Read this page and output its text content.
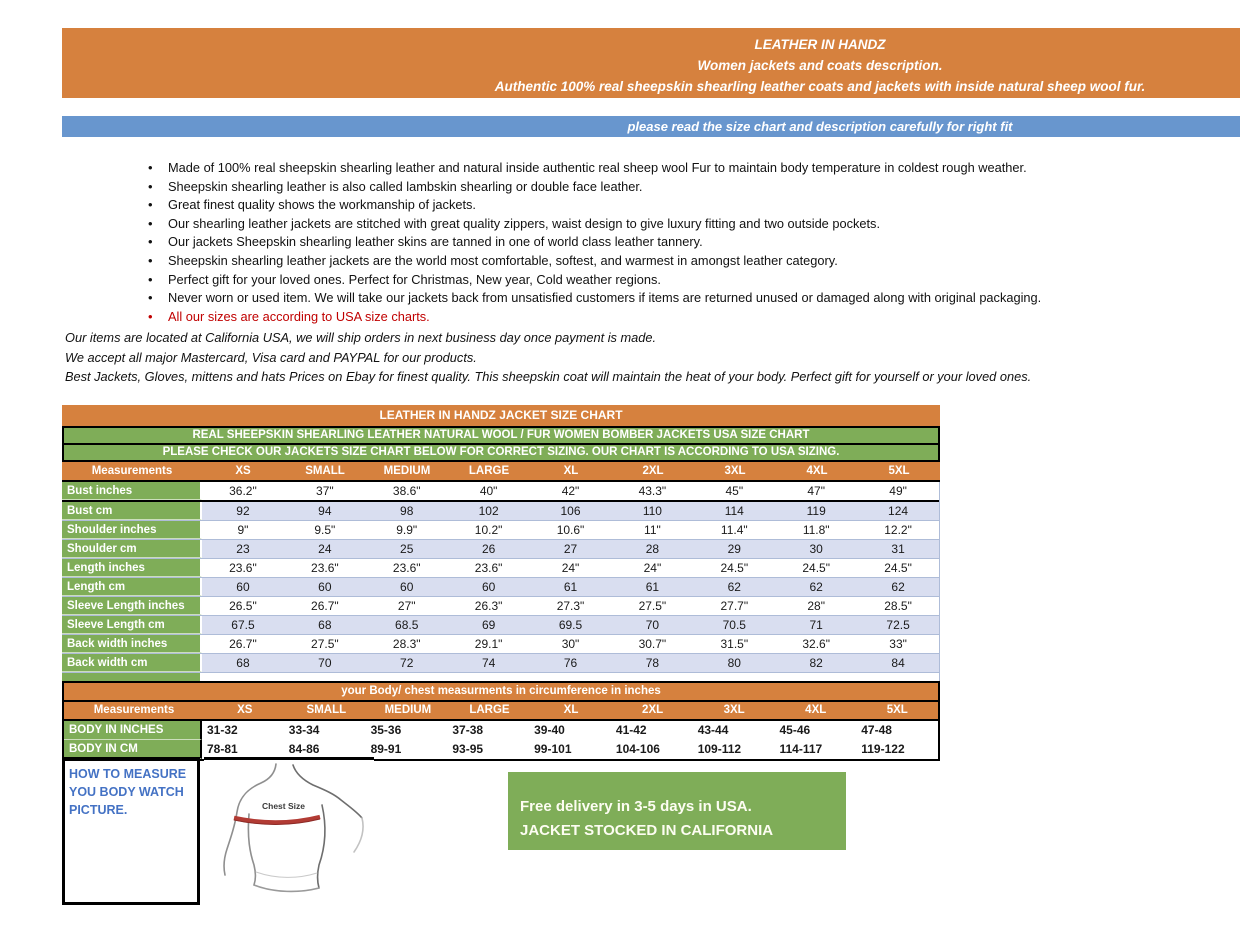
LEATHER IN HANDZ
Women jackets and coats description.
Authentic 100% real sheepskin shearling leather coats and jackets with inside natural sheep wool fur.
please read the size chart and description carefully for right fit
•
Made of 100% real sheepskin shearling leather and natural inside authentic real sheep wool Fur to maintain body temperature in coldest rough weather.
•
Sheepskin shearling leather is also called lambskin shearling or double face leather.
•
Great finest quality shows the workmanship of jackets.
•
Our shearling leather jackets are stitched with great quality zippers, waist design to give luxury fitting and two outside pockets.
•
Our jackets Sheepskin shearling leather skins are tanned in one of world class leather tannery.
•
Sheepskin shearling leather jackets are the world most comfortable, softest, and warmest in amongst leather category.
•
Perfect gift for your loved ones. Perfect for Christmas, New year, Cold weather regions.
•
Never worn or used item. We will take our jackets back from unsatisfied customers if items are returned unused or damaged along with original packaging.
•
All our sizes are according to USA size charts.
Our items are located at California USA, we will ship orders in next business day once payment is made.
We accept all major Mastercard, Visa card and PAYPAL for our products.
Best Jackets, Gloves, mittens and hats Prices on Ebay for finest quality. This sheepskin coat will maintain the heat of your body. Perfect gift for yourself or your loved ones.
LEATHER IN HANDZ JACKET SIZE CHART
REAL SHEEPSKIN SHEARLING LEATHER NATURAL WOOL / FUR WOMEN BOMBER JACKETS USA SIZE CHART
PLEASE CHECK OUR JACKETS SIZE CHART BELOW FOR CORRECT SIZING. OUR CHART IS ACCORDING TO USA SIZING.
Measurements	XS	SMALL	MEDIUM	LARGE	XL	2XL	3XL	4XL	5XL
Bust inches	36.2"	37"	38.6"	40"	42"	43.3"	45"	47"	49"
Bust cm	92	94	98	102	106	110	114	119	124
Shoulder inches	9"	9.5"	9.9"	10.2"	10.6"	11"	11.4"	11.8"	12.2"
Shoulder cm	23	24	25	26	27	28	29	30	31
Length inches	23.6"	23.6"	23.6"	23.6"	24"	24"	24.5"	24.5"	24.5"
Length cm	60	60	60	60	61	61	62	62	62
Sleeve Length inches	26.5"	26.7"	27"	26.3"	27.3"	27.5"	27.7"	28"	28.5"
Sleeve Length cm	67.5	68	68.5	69	69.5	70	70.5	71	72.5
Back width inches	26.7"	27.5"	28.3"	29.1"	30"	30.7"	31.5"	32.6"	33"
Back width cm	68	70	72	74	76	78	80	82	84
your Body/ chest measurments in circumference in inches
Measurements	XS	SMALL	MEDIUM	LARGE	XL	2XL	3XL	4XL	5XL
BODY IN INCHES	31-32	33-34	35-36	37-38	39-40	41-42	43-44	45-46	47-48
BODY IN CM	78-81	84-86	89-91	93-95	99-101	104-106	109-112	114-117	119-122
HOW TO MEASURE YOU BODY WATCH PICTURE.	Chest Size	Free delivery in 3-5 days in USA.
JACKET STOCKED IN CALIFORNIA
